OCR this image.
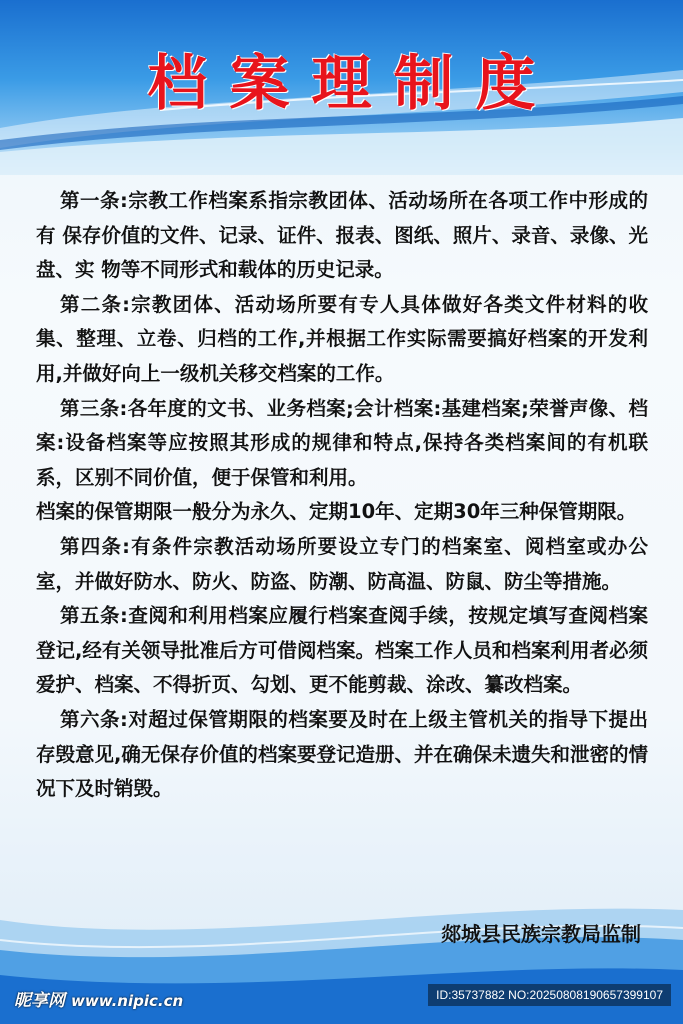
档案理制度

第一条:宗教工作档案系指宗教团体、活动场所在各项工作中形成的有 保存价值的文件、记录、证件、报表、图纸、照片、录音、录像、光盘、实 物等不同形式和载体的历史记录。

第二条:宗教团体、活动场所要有专人具体做好各类文件材料的收集、整理、立卷、归档的工作,并根据工作实际需要搞好档案的开发利用,并做好向上一级机关移交档案的工作。

第三条:各年度的文书、业务档案;会计档案:基建档案;荣誉声像、档案:设备档案等应按照其形成的规律和特点,保持各类档案间的有机联系，区别不同价值，便于保管和利用。

档案的保管期限一般分为永久、定期10年、定期30年三种保管期限。

第四条:有条件宗教活动场所要设立专门的档案室、阅档室或办公室，并做好防水、防火、防盗、防潮、防高温、防鼠、防尘等措施。

第五条:查阅和利用档案应履行档案查阅手续，按规定填写查阅档案登记,经有关领导批准后方可借阅档案。档案工作人员和档案利用者必须爱护、档案、不得折页、勾划、更不能剪裁、涂改、纂改档案。

第六条:对超过保管期限的档案要及时在上级主管机关的指导下提出存毁意见,确无保存价值的档案要登记造册、并在确保未遗失和泄密的情况下及时销毁。

郯城县民族宗教局监制
昵享网 www.nipic.cn	ID:35737882 NO:20250808190657399107
